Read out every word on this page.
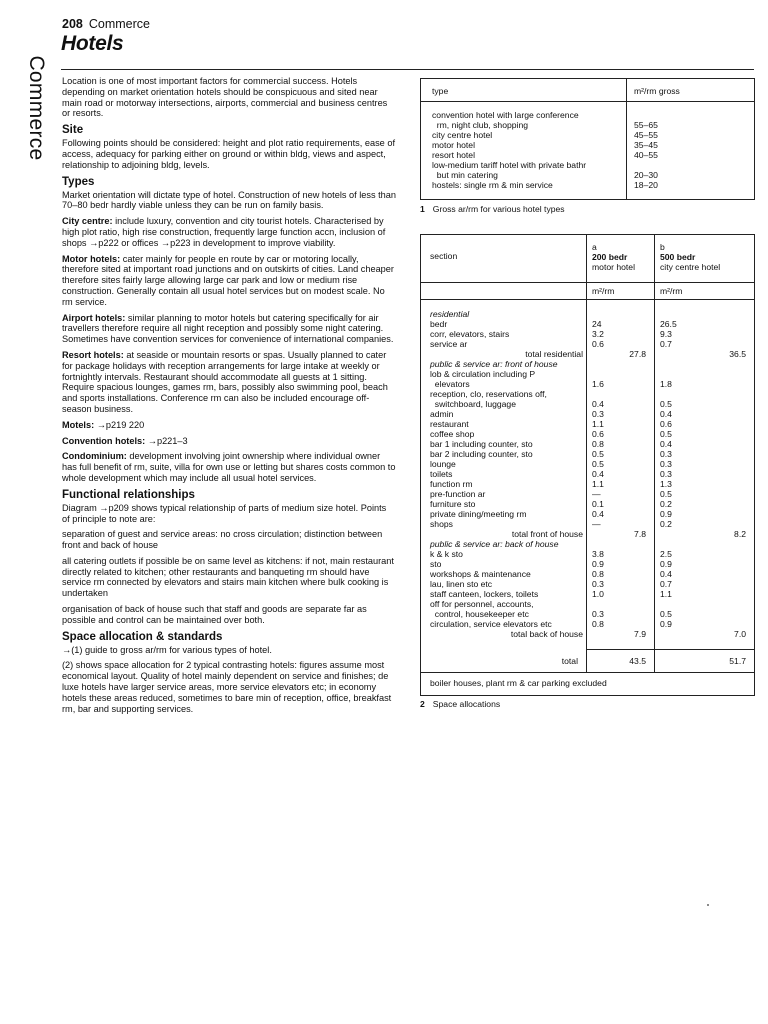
208 Commerce
Hotels
Commerce Location is one of most important factors for commercial success. Hotels depending on market orientation hotels should be conspicuous and sited near main road or motorway intersections, airports, commercial and business centres or resorts.

Site

Following points should be considered: height and plot ratio requirements, ease of access, adequacy for parking either on ground or within bldg, views and aspect, relationship to adjoining bldg, levels.

Types

Market orientation will dictate type of hotel. Construction of new hotels of less than 70–80 bedr hardly viable unless they can be run on family basis.

City centre: include luxury, convention and city tourist hotels. Characterised by high plot ratio, high rise construction, frequently large function accn, inclusion of shops →p222 or offices →p223 in development to improve viability.

Motor hotels: cater mainly for people en route by car or motoring locally, therefore sited at important road junctions and on outskirts of cities. Land cheaper therefore sites fairly large allowing large car park and low or medium rise construction. Generally contain all usual hotel services but on modest scale. No rm service.

Airport hotels: similar planning to motor hotels but catering specifically for air travellers therefore require all night reception and possibly some night catering. Sometimes have convention services for convenience of international companies.

Resort hotels: at seaside or mountain resorts or spas. Usually planned to cater for package holidays with reception arrangements for large intake at weekly or fortnightly intervals. Restaurant should accommodate all guests at 1 sitting. Require spacious lounges, games rm, bars, possibly also swimming pool, beach and sports installations. Conference rm can also be included encourage off-season business.

Motels: →p219 220

Convention hotels: →p221–3

Condominium: development involving joint ownership where individual owner has full benefit of rm, suite, villa for own use or letting but shares costs common to whole development which may include all usual hotel services.

Functional relationships

Diagram →p209 shows typical relationship of parts of medium size hotel. Points of principle to note are:

separation of guest and service areas: no cross circulation; distinction between front and back of house

all catering outlets if possible be on same level as kitchens: if not, main restaurant directly related to kitchen; other restaurants and banqueting rm should have service rm connected by elevators and stairs main kitchen where bulk cooking is undertaken

organisation of back of house such that staff and goods are separate far as possible and control can be maintained over both.

Space allocation & standards

→(1) guide to gross ar/rm for various types of hotel.

(2) shows space allocation for 2 typical contrasting hotels: figures assume most economical layout. Quality of hotel mainly dependent on service and finishes; de luxe hotels have larger service areas, more service elevators etc; in economy hotels these areas reduced, sometimes to bare min of reception, office, breakfast rm, bar and supporting services.

type	m²/rm gross
convention hotel with large conference
rm, night club, shopping	55–65
city centre hotel	45–55
motor hotel	35–45
resort hotel	40–55
low-medium tariff hotel with private bathr
but min catering	20–30
hostels: single rm & min service	18–20
1 Gross ar/rm for various hotel types
section
a
200 bedr
motor hotel
b
500 bedr
city centre hotel
m²/rm	m²/rm
residential
bedr	24	26.5
corr, elevators, stairs	3.2	9.3
service ar	0.6	0.7
total residential	27.8	36.5
public & service ar: front of house
lob & circulation including P
elevators	1.6	1.8
reception, clo, reservations off,
switchboard, luggage	0.4	0.5
admin	0.3	0.4
restaurant	1.1	0.6
coffee shop	0.6	0.5
bar 1 including counter, sto	0.8	0.4
bar 2 including counter, sto	0.5	0.3
lounge	0.5	0.3
toilets	0.4	0.3
function rm	1.1	1.3
pre-function ar	—	0.5
furniture sto	0.1	0.2
private dining/meeting rm	0.4	0.9
shops	—	0.2
total front of house	7.8	8.2
public & service ar: back of house
k & k sto	3.8	2.5
sto	0.9	0.9
workshops & maintenance	0.8	0.4
lau, linen sto etc	0.3	0.7
staff canteen, lockers, toilets	1.0	1.1
off for personnel, accounts,
control, housekeeper etc	0.3	0.5
circulation, service elevators etc	0.8	0.9
total back of house	7.9	7.0
total	43.5	51.7
boiler houses, plant rm & car parking excluded
2 Space allocations
